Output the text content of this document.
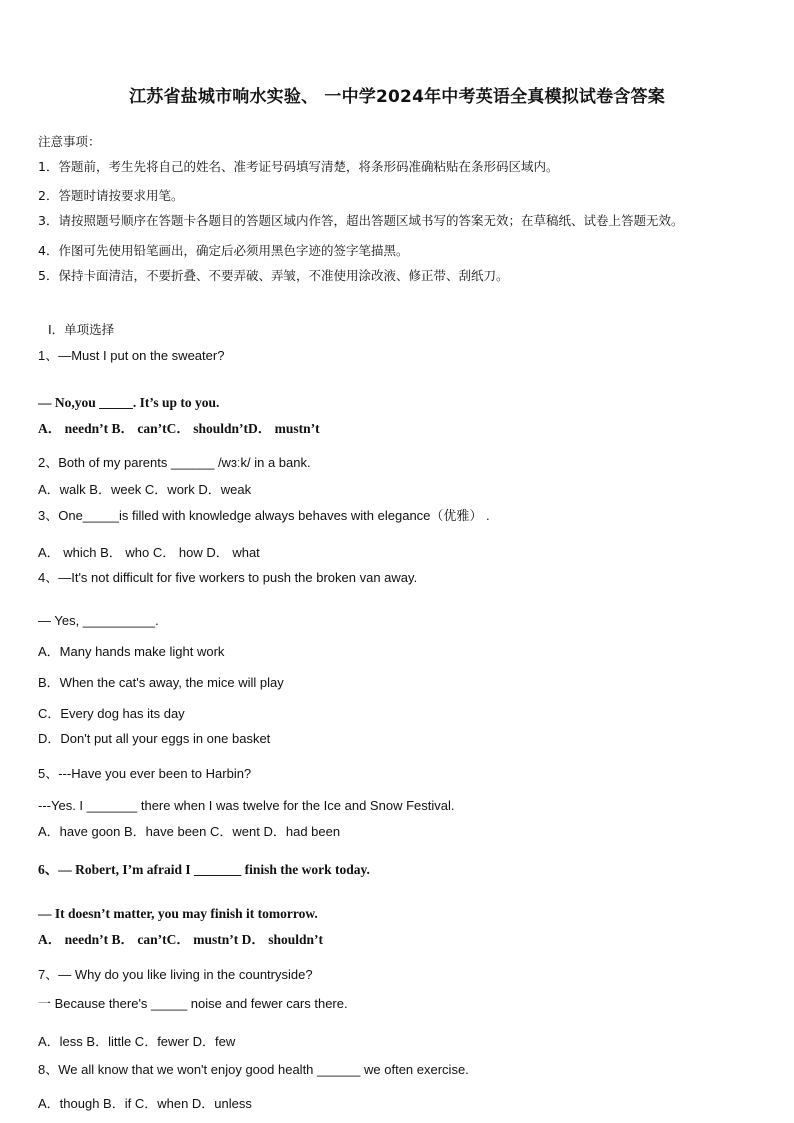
江苏省盐城市响水实验、 一中学2024年中考英语全真模拟试卷含答案
注意事项：
1．答题前，考生先将自己的姓名、准考证号码填写清楚，将条形码准确粘贴在条形码区域内。
2．答题时请按要求用笔。
3．请按照题号顺序在答题卡各题目的答题区域内作答，超出答题区域书写的答案无效；在草稿纸、试卷上答题无效。
4．作图可先使用铅笔画出，确定后必须用黑色字迹的签字笔描黑。
5．保持卡面清洁，不要折叠、不要弄破、弄皱，不准使用涂改液、修正带、刮纸刀。
Ⅰ．单项选择
1、—Must I put on the sweater?
— No,you _____. It’s up to you.
A． needn’t B． can’tC． shouldn’tD． mustn’t
2、Both of my parents ______ /wɜːk/ in a bank.
A．walk B．week C．work D．weak
3、One_____is filled with knowledge always behaves with elegance（优雅） .
A． which B． who C． how D． what
4、—It's not difficult for five workers to push the broken van away.
— Yes, __________.
A．Many hands make light work
B．When the cat's away, the mice will play
C．Every dog has its day
D．Don't put all your eggs in one basket
5、---Have you ever been to Harbin?
---Yes. I _______ there when I was twelve for the Ice and Snow Festival.
A．have goon B．have been C．went D．had been
6、— Robert, I’m afraid I _______ finish the work today.
— It doesn’t matter, you may finish it tomorrow.
A． needn’t B． can’tC． mustn’t D． shouldn’t
7、— Why do you like living in the countryside?
一 Because there's _____ noise and fewer cars there.
A．less B．little C．fewer D．few
8、We all know that we won't enjoy good health ______ we often exercise.
A．though B．if C．when D．unless
